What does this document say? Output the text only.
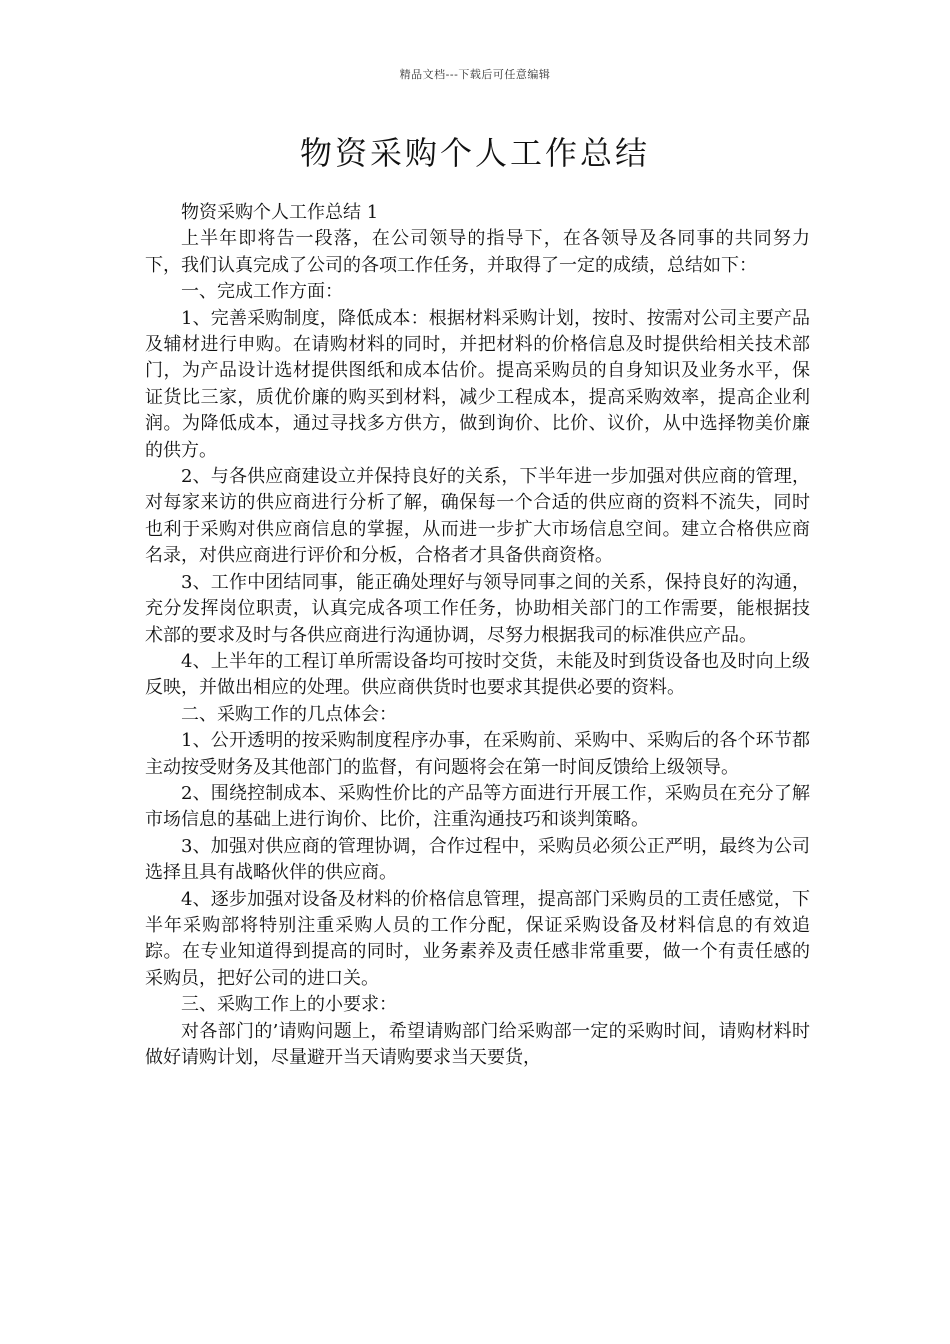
精品文档---下载后可任意编辑
物资采购个人工作总结

物资采购个人工作总结 1

上半年即将告一段落，在公司领导的指导下，在各领导及各同事的共同努力下，我们认真完成了公司的各项工作任务，并取得了一定的成绩，总结如下：

一、完成工作方面：

1、完善采购制度，降低成本：根据材料采购计划，按时、按需对公司主要产品及辅材进行申购。在请购材料的同时，并把材料的价格信息及时提供给相关技术部门，为产品设计选材提供图纸和成本估价。提高采购员的自身知识及业务水平，保证货比三家，质优价廉的购买到材料，减少工程成本，提高采购效率，提高企业利润。为降低成本，通过寻找多方供方，做到询价、比价、议价，从中选择物美价廉的供方。

2、与各供应商建设立并保持良好的关系，下半年进一步加强对供应商的管理，对每家来访的供应商进行分析了解，确保每一个合适的供应商的资料不流失，同时也利于采购对供应商信息的掌握，从而进一步扩大市场信息空间。建立合格供应商名录，对供应商进行评价和分板，合格者才具备供商资格。

3、工作中团结同事，能正确处理好与领导同事之间的关系，保持良好的沟通，充分发挥岗位职责，认真完成各项工作任务，协助相关部门的工作需要，能根据技术部的要求及时与各供应商进行沟通协调，尽努力根据我司的标准供应产品。

4、上半年的工程订单所需设备均可按时交货，未能及时到货设备也及时向上级反映，并做出相应的处理。供应商供货时也要求其提供必要的资料。

二、采购工作的几点体会：

1、公开透明的按采购制度程序办事，在采购前、采购中、采购后的各个环节都主动按受财务及其他部门的监督，有问题将会在第一时间反馈给上级领导。

2、围绕控制成本、采购性价比的产品等方面进行开展工作，采购员在充分了解市场信息的基础上进行询价、比价，注重沟通技巧和谈判策略。

3、加强对供应商的管理协调，合作过程中，采购员必须公正严明，最终为公司选择且具有战略伙伴的供应商。

4、逐步加强对设备及材料的价格信息管理，提高部门采购员的工责任感觉，下半年采购部将特别注重采购人员的工作分配，保证采购设备及材料信息的有效追踪。在专业知道得到提高的同时，业务素养及责任感非常重要，做一个有责任感的采购员，把好公司的进口关。

三、采购工作上的小要求：

对各部门的’请购问题上，希望请购部门给采购部一定的采购时间，请购材料时做好请购计划，尽量避开当天请购要求当天要货，
